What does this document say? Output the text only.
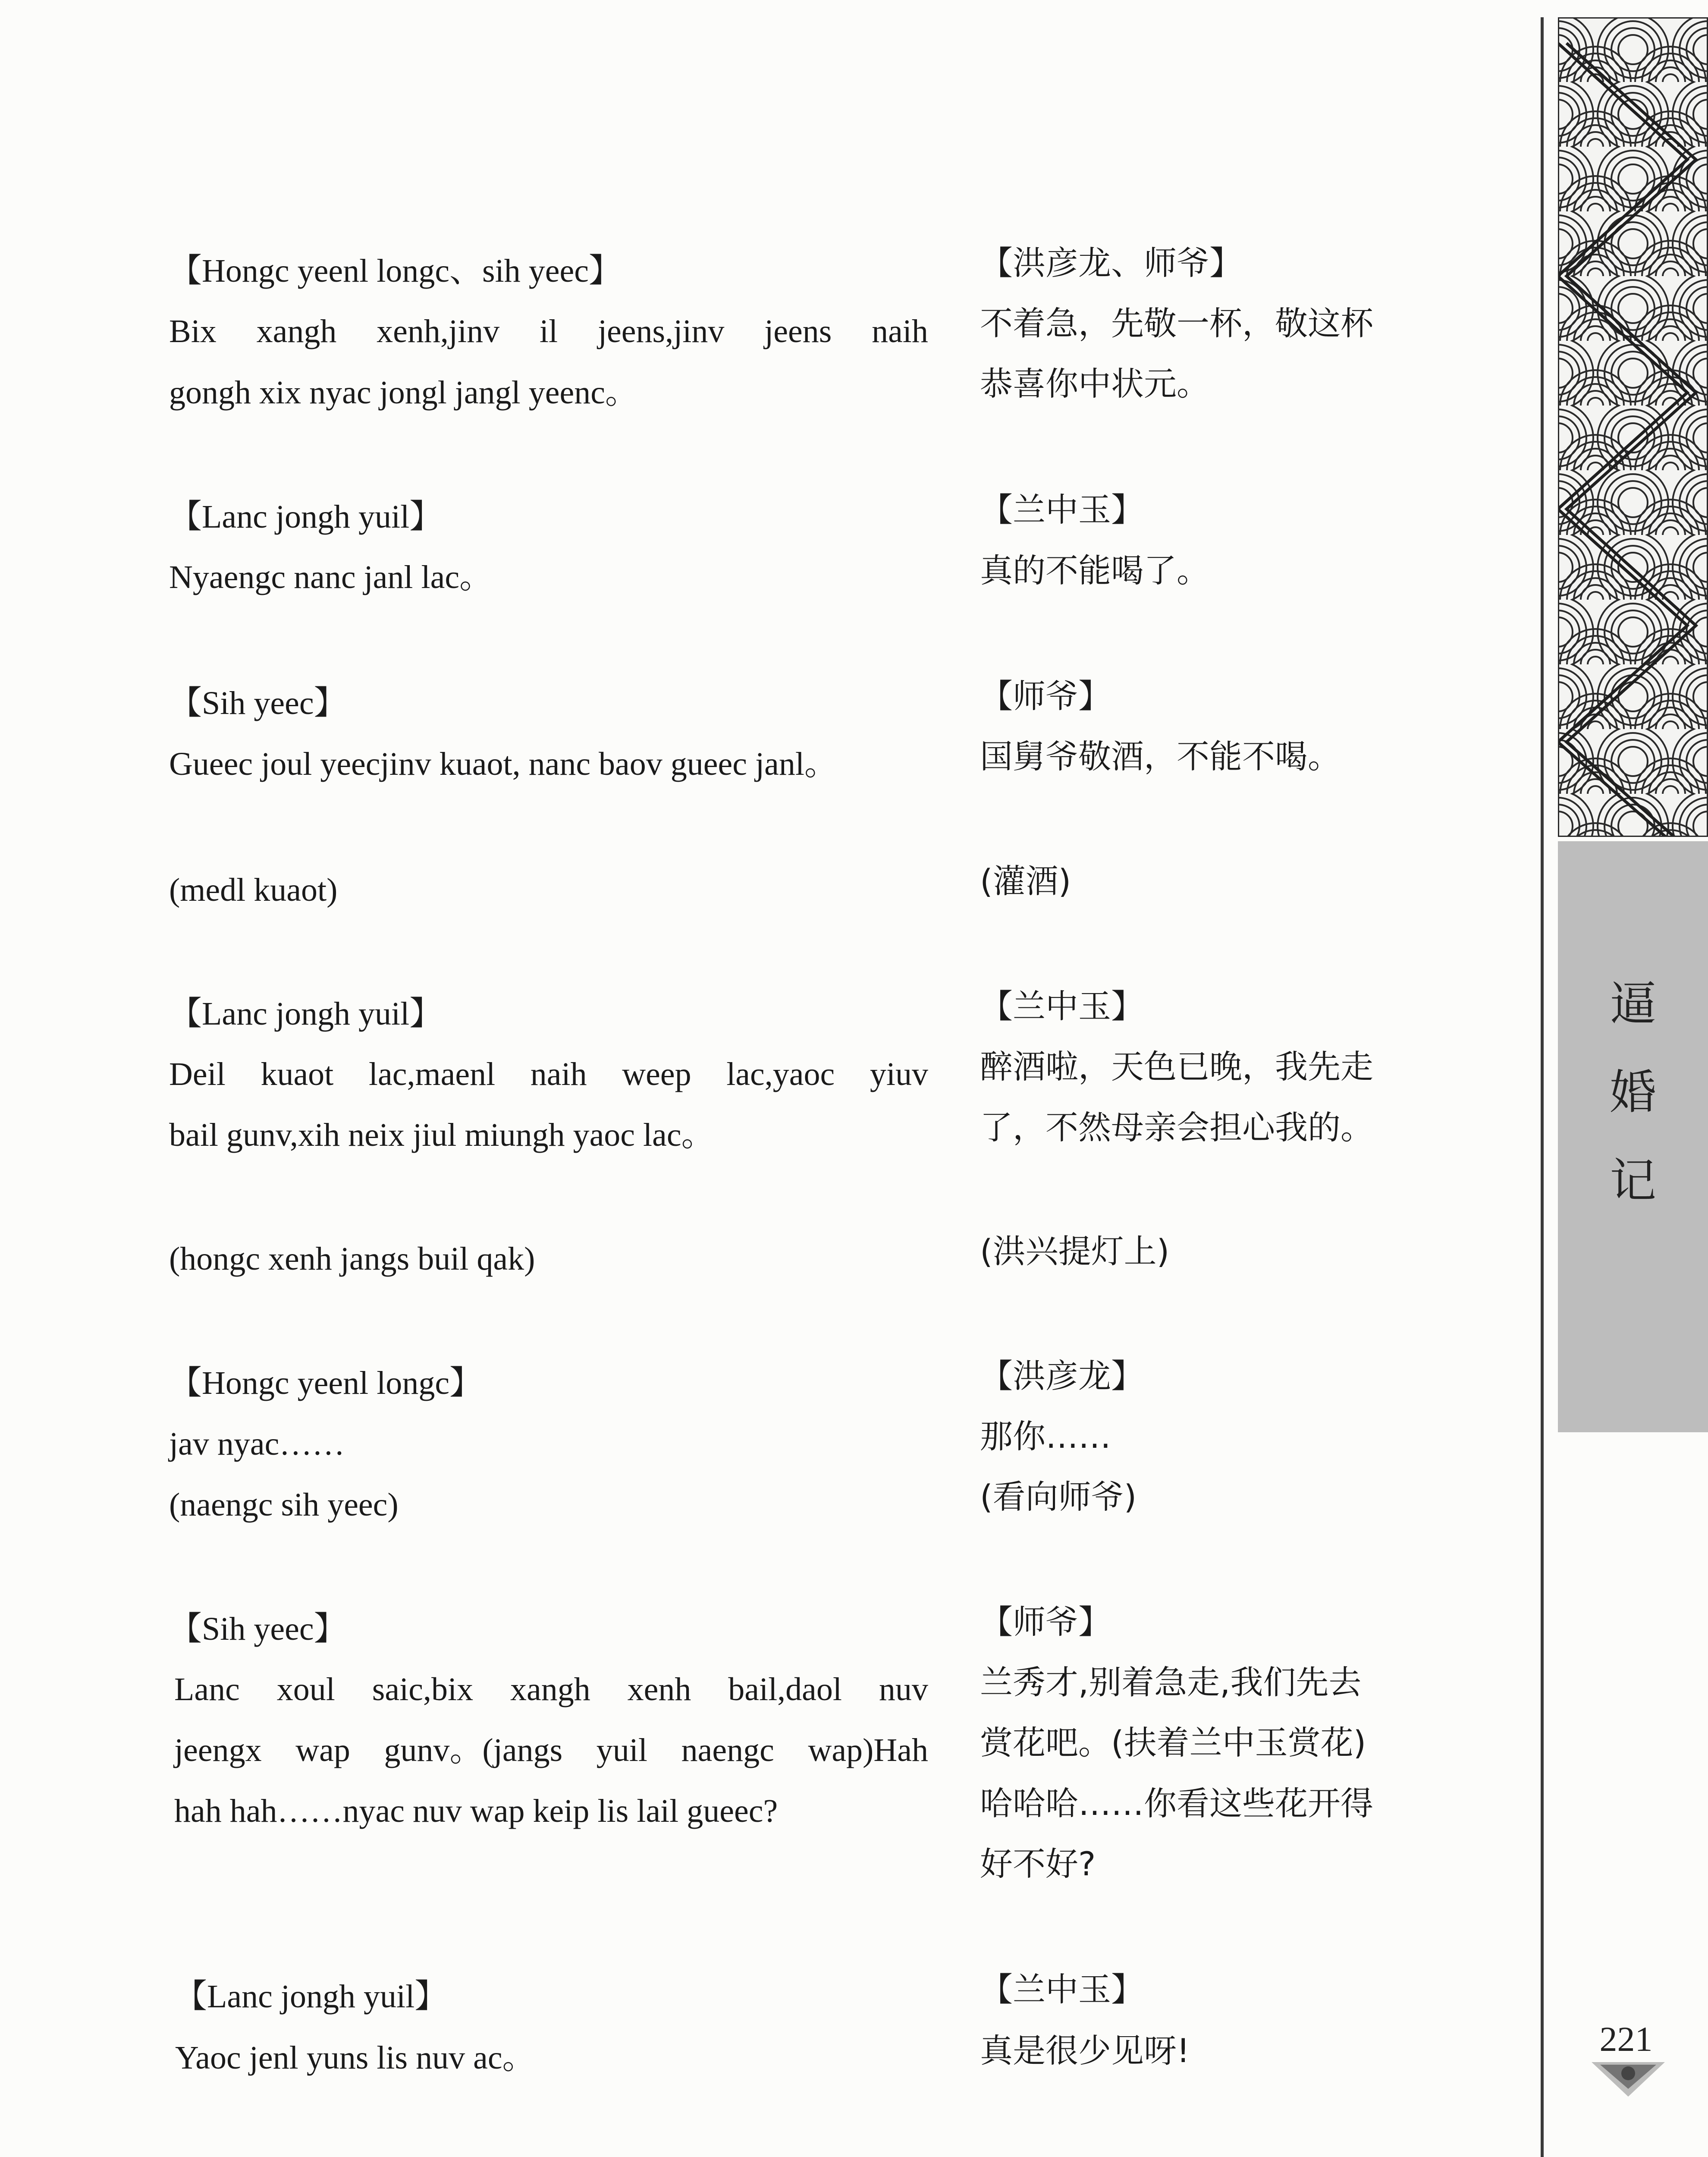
【Hongc yeenl longc、sih yeec】
Bix xangh xenh,jinv il jeens,jinv jeens naih
gongh xix nyac jongl jangl yeenc。
【Lanc jongh yuil】
Nyaengc nanc janl lac。
【Sih yeec】
Gueec joul yeecjinv kuaot, nanc baov gueec janl。
(medl kuaot)
【Lanc jongh yuil】
Deil kuaot lac,maenl naih weep lac,yaoc yiuv
bail gunv,xih neix jiul miungh yaoc lac。
(hongc xenh jangs buil qak)
【Hongc yeenl longc】
jav nyac……
(naengc sih yeec)
【Sih yeec】
Lanc xoul saic,bix xangh xenh bail,daol nuv
jeengx wap gunv。(jangs yuil naengc wap)Hah
hah hah……nyac nuv wap keip lis lail gueec?
【Lanc jongh yuil】
Yaoc jenl yuns lis nuv ac。
【洪彦龙、师爷】
不着急，先敬一杯，敬这杯
恭喜你中状元。
【兰中玉】
真的不能喝了。
【师爷】
国舅爷敬酒，不能不喝。
(灌酒)
【兰中玉】
醉酒啦，天色已晚，我先走
了，不然母亲会担心我的。
(洪兴提灯上)
【洪彦龙】
那你……
(看向师爷)
【师爷】
兰秀才,别着急走,我们先去
赏花吧。(扶着兰中玉赏花)
哈哈哈……你看这些花开得
好不好?
【兰中玉】
真是很少见呀!
逼
婚
记
221
